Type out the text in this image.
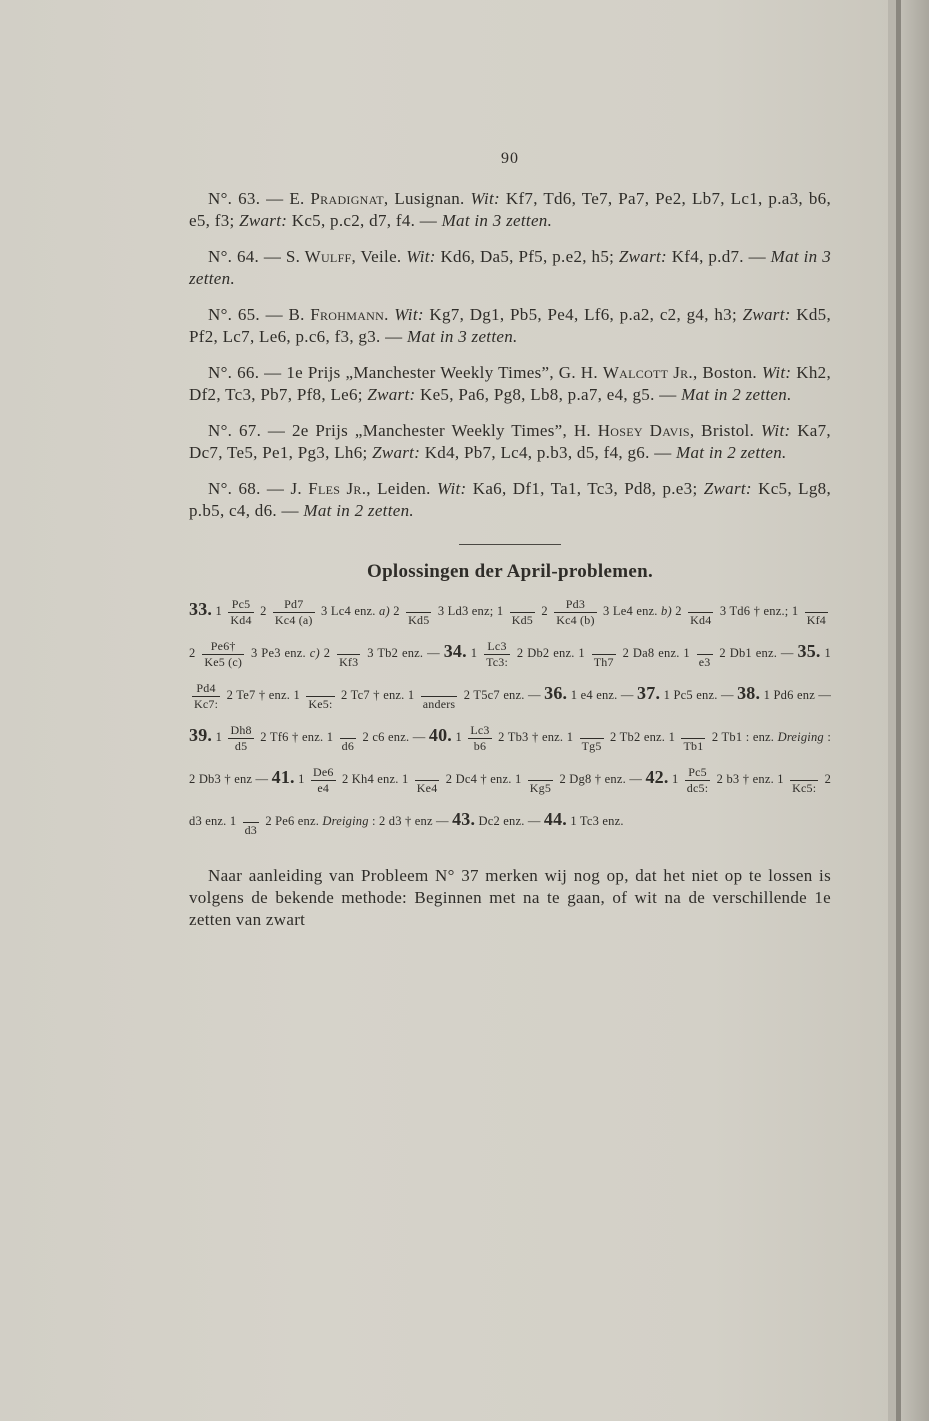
90

N°. 63. — E. Pradignat, Lusignan. Wit: Kf7, Td6, Te7, Pa7, Pe2, Lb7, Lc1, p.a3, b6, e5, f3; Zwart: Kc5, p.c2, d7, f4. — Mat in 3 zetten.

N°. 64. — S. Wulff, Veile. Wit: Kd6, Da5, Pf5, p.e2, h5; Zwart: Kf4, p.d7. — Mat in 3 zetten.

N°. 65. — B. Frohmann. Wit: Kg7, Dg1, Pb5, Pe4, Lf6, p.a2, c2, g4, h3; Zwart: Kd5, Pf2, Lc7, Le6, p.c6, f3, g3. — Mat in 3 zetten.

N°. 66. — 1e Prijs „Manchester Weekly Times”, G. H. Walcott Jr., Boston. Wit: Kh2, Df2, Tc3, Pb7, Pf8, Le6; Zwart: Ke5, Pa6, Pg8, Lb8, p.a7, e4, g5. — Mat in 2 zetten.

N°. 67. — 2e Prijs „Manchester Weekly Times”, H. Hosey Davis, Bristol. Wit: Ka7, Dc7, Te5, Pe1, Pg3, Lh6; Zwart: Kd4, Pb7, Lc4, p.b3, d5, f4, g6. — Mat in 2 zetten.

N°. 68. — J. Fles Jr., Leiden. Wit: Ka6, Df1, Ta1, Tc3, Pd8, p.e3; Zwart: Kc5, Lg8, p.b5, c4, d6. — Mat in 2 zetten.

Oplossingen der April-problemen.
33. $1 \frac{Pc5}{Kd4} 2 \frac{Pd7}{Kc4 (a)} 3$ Lc4 enz. a) 2
Kd5
3 Ld3 enz; 1
Kd5
$2 \frac{Pd3}{Kc4 (b)} 3$ Le4 enz. b) 2
Kd4
3 Td6 † enz.; 1
Kf4
$2 \frac{Pe6\dagger}{Ke5 (c)} 3$ Pe3 enz. c) 2
Kf3
3 Tb2 enz. — 34. $1 \frac{Lc3}{Tc3:} 2$ Db2 enz. 1
Th7
2 Da8 enz. 1
e3
2 Db1 enz. — 35. 1
$\frac{Pd4}{Kc7:} 2$ Te7 † enz. 1
Ke5:
2 Tc7 † enz. 1
anders
2 T5c7 enz. — 36. 1 e4 enz. — 37. 1 Pc5 enz. — 38. 1 Pd6 enz — 39. $1 \frac{Dh8}{d5} 2$ Tf6 † enz. 1
d6
2 c6 enz. — 40. $1 \frac{Lc3}{b6} 2$ Tb3 † enz. 1
Tg5
2 Tb2 enz. 1
Tb1
2 Tb1 : enz. Dreiging : 2 Db3 † enz — 41. $1 \frac{De6}{e4} 2$ Kh4 enz. 1
Ke4
2 Dc4 † enz. 1
Kg5
2 Dg8 † enz. — 42. $1 \frac{Pc5}{dc5:} 2$ b3 † enz. 1
Kc5:
2 d3 enz. 1
d3
2 Pe6 enz. Dreiging : 2 d3 † enz — 43. Dc2 enz. — 44. 1 Tc3 enz.
Naar aanleiding van Probleem N° 37 merken wij nog op, dat het niet op te lossen is volgens de bekende methode: Beginnen met na te gaan, of wit na de verschillende 1e zetten van zwart
